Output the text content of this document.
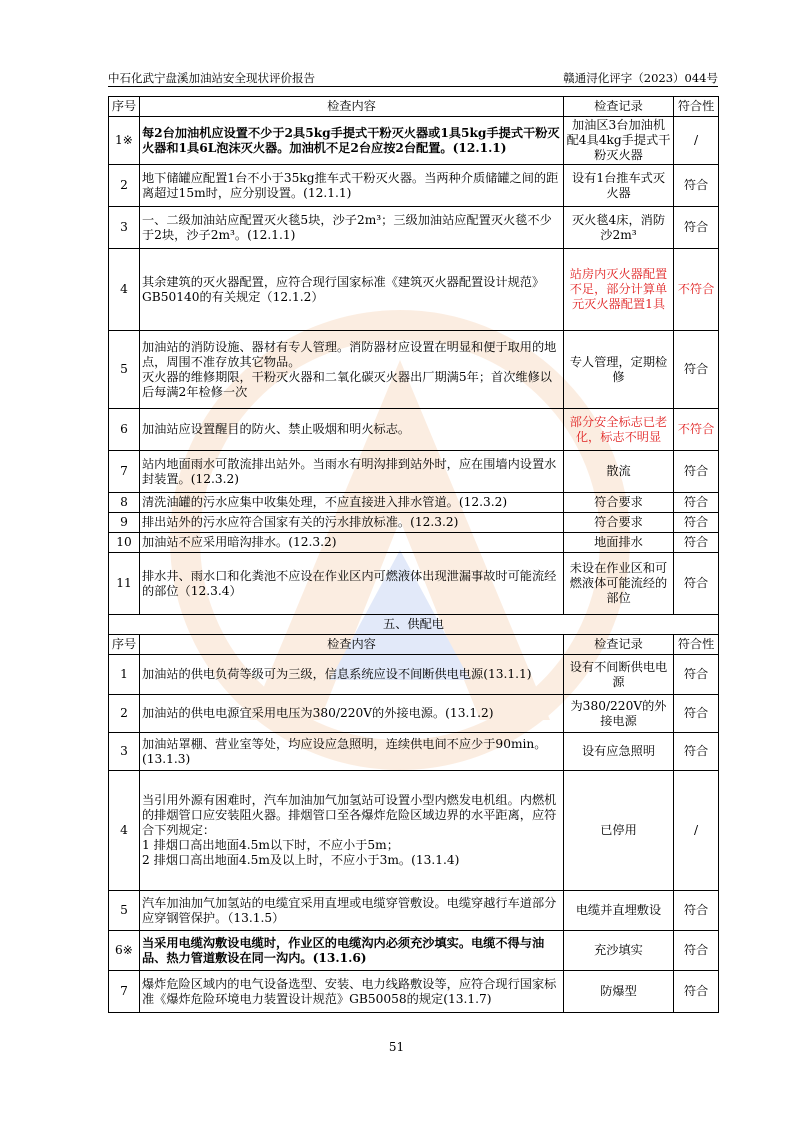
中石化武宁盘溪加油站安全现状评价报告	赣通浔化评字（2023）044号
序号	检查内容	检查记录	符合性
1※	每2台加油机应设置不少于2具5kg手提式干粉灭火器或1具5kg手提式干粉灭火器和1具6L泡沫灭火器。加油机不足2台应按2台配置。(12.1.1)	加油区3台加油机配4具4kg手提式干粉灭火器	/
2	地下储罐应配置1台不小于35kg推车式干粉灭火器。当两种介质储罐之间的距离超过15m时，应分别设置。(12.1.1)	设有1台推车式灭火器	符合
3	一、二级加油站应配置灭火毯5块，沙子2m³；三级加油站应配置灭火毯不少于2块，沙子2m³。(12.1.1)	灭火毯4床，消防沙2m³	符合
4	其余建筑的灭火器配置，应符合现行国家标准《建筑灭火器配置设计规范》GB50140的有关规定（12.1.2）	站房内灭火器配置不足，部分计算单元灭火器配置1具	不符合
5	加油站的消防设施、器材有专人管理。消防器材应设置在明显和便于取用的地点，周围不准存放其它物品。
灭火器的维修期限，干粉灭火器和二氧化碳灭火器出厂期满5年；首次维修以后每满2年检修一次	专人管理，定期检修	符合
6	加油站应设置醒目的防火、禁止吸烟和明火标志。	部分安全标志已老化，标志不明显	不符合
7	站内地面雨水可散流排出站外。当雨水有明沟排到站外时，应在围墙内设置水封装置。(12.3.2)	散流	符合
8	清洗油罐的污水应集中收集处理，不应直接进入排水管道。(12.3.2)	符合要求	符合
9	排出站外的污水应符合国家有关的污水排放标准。(12.3.2)	符合要求	符合
10	加油站不应采用暗沟排水。(12.3.2)	地面排水	符合
11	排水井、雨水口和化粪池不应设在作业区内可燃液体出现泄漏事故时可能流经的部位（12.3.4）	未设在作业区和可燃液体可能流经的部位	符合
五、供配电			
序号	检查内容	检查记录	符合性
1	加油站的供电负荷等级可为三级，信息系统应设不间断供电电源(13.1.1)	设有不间断供电电源	符合
2	加油站的供电电源宜采用电压为380/220V的外接电源。(13.1.2)	为380/220V的外接电源	符合
3	加油站罩棚、营业室等处，均应设应急照明，连续供电间不应少于90min。(13.1.3)	设有应急照明	符合
4	当引用外源有困难时，汽车加油加气加氢站可设置小型内燃发电机组。内燃机的排烟管口应安装阻火器。排烟管口至各爆炸危险区域边界的水平距离，应符合下列规定：
1 排烟口高出地面4.5m以下时，不应小于5m；
2 排烟口高出地面4.5m及以上时，不应小于3m。(13.1.4)	已停用	/
5	汽车加油加气加氢站的电缆宜采用直埋或电缆穿管敷设。电缆穿越行车道部分应穿钢管保护。（13.1.5）	电缆并直埋敷设	符合
6※	当采用电缆沟敷设电缆时，作业区的电缆沟内必须充沙填实。电缆不得与油品、热力管道敷设在同一沟内。(13.1.6)	充沙填实	符合
7	爆炸危险区域内的电气设备选型、安装、电力线路敷设等，应符合现行国家标准《爆炸危险环境电力装置设计规范》GB50058的规定(13.1.7)	防爆型	符合
51
